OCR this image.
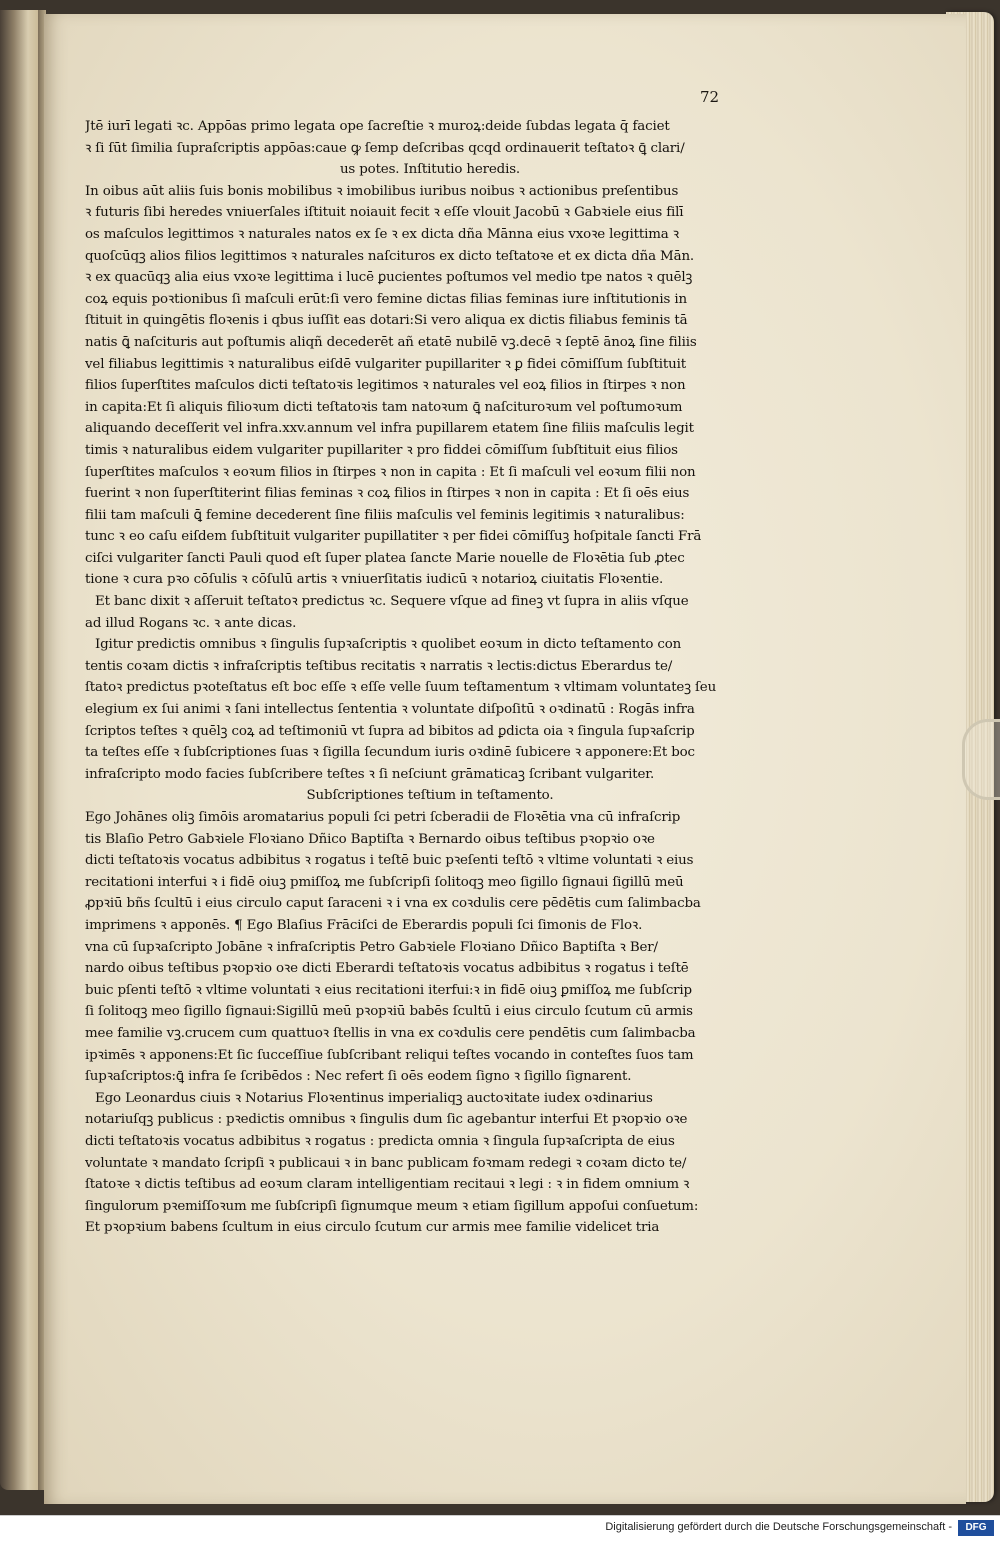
72
Jtē iurī legati ꝛc. Appōas primo legata ope ſacreſtie ꝛ muroꝝ:deide ſubdas legata q̄ faciet
ꝛ ſi ſūt ſimilia ſupraſcriptis appōas:caue ꝙ ſemp deſcribas qcqd ordinauerit teſtatoꝛ ꝗ̄ clari/
us potes. Inſtitutio heredis.
In oibus aūt aliis ſuis bonis mobilibus ꝛ imobilibus iuribus noibus ꝛ actionibus preſentibus
ꝛ futuris ſibi heredes vniuerſales iſtituit noiauit fecit ꝛ eſſe vlouit Jacobū ꝛ Gabꝛiele eius filī
os maſculos legittimos ꝛ naturales natos ex ſe ꝛ ex dicta dña Mānna eius vxoꝛe legittima ꝛ
quoſcūqꝫ alios filios legittimos ꝛ naturales naſcituros ex dicto teſtatoꝛe et ex dicta dña Mān.
ꝛ ex quacūqꝫ alia eius vxoꝛe legittima i lucē ꝑucientes poſtumos vel medio tpe natos ꝛ quēlꝫ
coꝝ equis poꝛtionibus ſi maſculi erūt:ſi vero femine dictas filias feminas iure inſtitutionis in
ſtituit in quingētis floꝛenis i qbus iuſſit eas dotari:Si vero aliqua ex dictis filiabus feminis tā
natis ꝗ̄ naſcituris aut poſtumis aliqñ decederēt añ etatē nubilē vꝫ.decē ꝛ ſeptē ānoꝝ ſine filiis
vel filiabus legittimis ꝛ naturalibus eiſdē vulgariter pupillariter ꝛ ꝑ fidei cōmiſſum ſubſtituit
filios ſuperſtites maſculos dicti teſtatoꝛis legitimos ꝛ naturales vel eoꝝ filios in ſtirpes ꝛ non
in capita:Et ſi aliquis filioꝛum dicti teſtatoꝛis tam natoꝛum ꝗ̄ naſcituroꝛum vel poſtumoꝛum
aliquando deceſſerit vel infra.xxv.annum vel infra pupillarem etatem ſine filiis maſculis legit
timis ꝛ naturalibus eidem vulgariter pupillariter ꝛ pro fiddei cōmiſſum ſubſtituit eius filios
ſuperſtites maſculos ꝛ eoꝛum filios in ſtirpes ꝛ non in capita : Et ſi maſculi vel eoꝛum filii non
fuerint ꝛ non ſuperſtiterint filias feminas ꝛ coꝝ filios in ſtirpes ꝛ non in capita : Et ſi oēs eius
filii tam maſculi ꝗ̄ femine decederent ſine filiis maſculis vel feminis legitimis ꝛ naturalibus:
tunc ꝛ eo caſu eiſdem ſubſtituit vulgariter pupillatiter ꝛ per fidei cōmiſſuꝫ hoſpitale ſancti Frā
ciſci vulgariter ſancti Pauli quod eſt ſuper platea ſancte Marie nouelle de Floꝛētia ſub ꝓtec
tione ꝛ cura pꝛo cōſulis ꝛ cōſulū artis ꝛ vniuerſitatis iudicū ꝛ notarioꝝ ciuitatis Floꝛentie.
Et banc dixit ꝛ aſſeruit teſtatoꝛ predictus ꝛc. Sequere vſque ad fineꝫ vt ſupra in aliis vſque
ad illud Rogans ꝛc. ꝛ ante dicas.
Igitur predictis omnibus ꝛ ſingulis ſupꝛaſcriptis ꝛ quolibet eoꝛum in dicto teſtamento con
tentis coꝛam dictis ꝛ infraſcriptis teſtibus recitatis ꝛ narratis ꝛ lectis:dictus Eberardus te/
ſtatoꝛ predictus pꝛoteſtatus eſt boc eſſe ꝛ eſſe velle ſuum teſtamentum ꝛ vltimam voluntateꝫ ſeu
elegium ex ſui animi ꝛ ſani intellectus ſententia ꝛ voluntate diſpoſitū ꝛ oꝛdinatū : Rogās infra
ſcriptos teſtes ꝛ quēlꝫ coꝝ ad teſtimoniū vt ſupra ad bibitos ad ꝑdicta oia ꝛ ſingula ſupꝛaſcrip
ta teſtes eſſe ꝛ ſubſcriptiones ſuas ꝛ ſigilla ſecundum iuris oꝛdinē ſubicere ꝛ apponere:Et boc
infraſcripto modo facies ſubſcribere teſtes ꝛ ſi neſciunt grāmaticaꝫ ſcribant vulgariter.
Subſcriptiones teſtium in teſtamento.
Ego Johānes oliꝫ ſimōis aromatarius populi ſci petri ſcberadii de Floꝛētia vna cū infraſcrip
tis Blaſio Petro Gabꝛiele Floꝛiano Dñico Baptiſta ꝛ Bernardo oibus teſtibus pꝛopꝛio oꝛe
dicti teſtatoꝛis vocatus adbibitus ꝛ rogatus i teſtē buic pꝛeſenti teſtō ꝛ vltime voluntati ꝛ eius
recitationi interfui ꝛ i fidē oiuꝫ pmiſſoꝝ me ſubſcripſi ſolitoqꝫ meo ſigillo ſignaui ſigillū meū
ꝓpꝛiū bñs ſcultū i eius circulo caput ſaraceni ꝛ i vna ex coꝛdulis cere pēdētis cum ſalimbacba
imprimens ꝛ apponēs. ¶ Ego Blaſius Frāciſci de Eberardis populi ſci ſimonis de Floꝛ.
vna cū ſupꝛaſcripto Jobāne ꝛ infraſcriptis Petro Gabꝛiele Floꝛiano Dñico Baptiſta ꝛ Ber/
nardo oibus teſtibus pꝛopꝛio oꝛe dicti Eberardi teſtatoꝛis vocatus adbibitus ꝛ rogatus i teſtē
buic pſenti teſtō ꝛ vltime voluntati ꝛ eius recitationi iterfui:ꝛ in fidē oiuꝫ ꝑmiſſoꝝ me ſubſcrip
ſi ſolitoqꝫ meo ſigillo ſignaui:Sigillū meū pꝛopꝛiū babēs ſcultū i eius circulo ſcutum cū armis
mee familie vꝫ.crucem cum quattuoꝛ ſtellis in vna ex coꝛdulis cere pendētis cum ſalimbacba
ipꝛimēs ꝛ apponens:Et ſic ſucceſſiue ſubſcribant reliqui teſtes vocando in conteſtes ſuos tam
ſupꝛaſcriptos:ꝗ̄ infra ſe ſcribēdos : Nec refert ſi oēs eodem ſigno ꝛ ſigillo ſignarent.
Ego Leonardus ciuis ꝛ Notarius Floꝛentinus imperialiqꝫ auctoꝛitate iudex oꝛdinarius
notariuſqꝫ publicus : pꝛedictis omnibus ꝛ ſingulis dum ſic agebantur interfui Et pꝛopꝛio oꝛe
dicti teſtatoꝛis vocatus adbibitus ꝛ rogatus : predicta omnia ꝛ ſingula ſupꝛaſcripta de eius
voluntate ꝛ mandato ſcripſi ꝛ publicaui ꝛ in banc publicam foꝛmam redegi ꝛ coꝛam dicto te/
ſtatoꝛe ꝛ dictis teſtibus ad eoꝛum claram intelligentiam recitaui ꝛ legi : ꝛ in fidem omnium ꝛ
ſingulorum pꝛemiſſoꝛum me ſubſcripſi ſignumque meum ꝛ etiam ſigillum appoſui conſuetum:
Et pꝛopꝛium babens ſcultum in eius circulo ſcutum cur armis mee familie videlicet tria
Digitalisierung gefördert durch die Deutsche Forschungsgemeinschaft -	DFG
